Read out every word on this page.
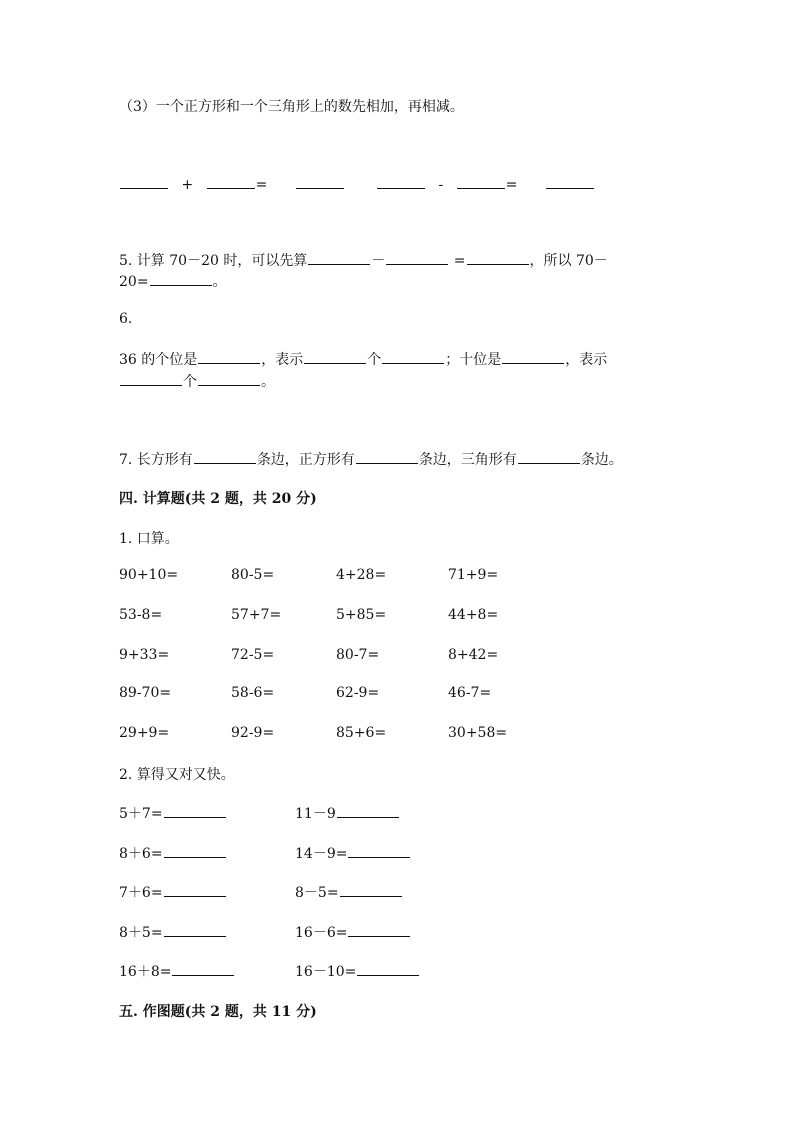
（3）一个正方形和一个三角形上的数先相加，再相减。
+	=	-	=
5. 计算 70－20 时，可以先算	－	=	，所以 70－
20=	。
6.
36 的个位是	，表示	个	；十位是	，表示
个	。
7. 长方形有	条边，正方形有	条边，三角形有	条边。
四. 计算题(共 2 题，共 20 分)
1. 口算。
90+10=	80-5=	4+28=	71+9=
53-8=	57+7=	5+85=	44+8=
9+33=	72-5=	80-7=	8+42=
89-70=	58-6=	62-9=	46-7=
29+9=	92-9=	85+6=	30+58=
2. 算得又对又快。
5＋7=	11－9
8＋6=	14－9=
7＋6=	8－5=
8＋5=	16－6=
16＋8=	16－10=
五. 作图题(共 2 题，共 11 分)
